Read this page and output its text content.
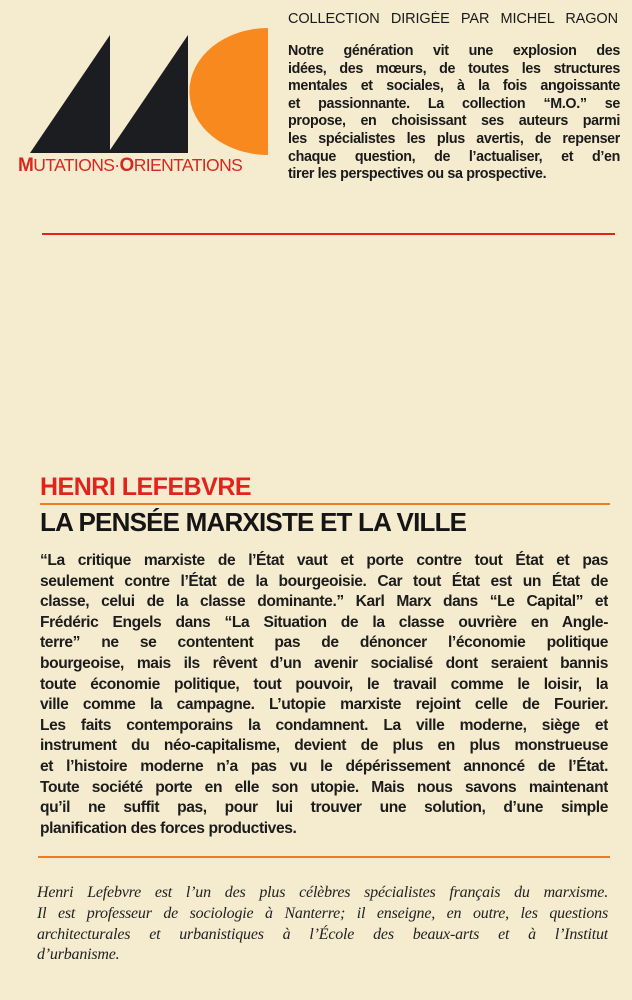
MUTATIONS·ORIENTATIONS
COLLECTION DIRIGÉE PAR MICHEL RAGON
Notre génération vit une explosion des
idées, des mœurs, de toutes les structures
mentales et sociales, à la fois angoissante
et passionnante. La collection “M.O.” se
propose, en choisissant ses auteurs parmi
les spécialistes les plus avertis, de repenser
chaque question, de l’actualiser, et d’en
tirer les perspectives ou sa prospective.
HENRI LEFEBVRE
LA PENSÉE MARXISTE ET LA VILLE
“La critique marxiste de l’État vaut et porte contre tout État et pas
seulement contre l’État de la bourgeoisie. Car tout État est un État de
classe, celui de la classe dominante.” Karl Marx dans “Le Capital” et
Frédéric Engels dans “La Situation de la classe ouvrière en Angle-
terre” ne se contentent pas de dénoncer l’économie politique
bourgeoise, mais ils rêvent d’un avenir socialisé dont seraient bannis
toute économie politique, tout pouvoir, le travail comme le loisir, la
ville comme la campagne. L’utopie marxiste rejoint celle de Fourier.
Les faits contemporains la condamnent. La ville moderne, siège et
instrument du néo-capitalisme, devient de plus en plus monstrueuse
et l’histoire moderne n’a pas vu le dépérissement annoncé de l’État.
Toute société porte en elle son utopie. Mais nous savons maintenant
qu’il ne suffit pas, pour lui trouver une solution, d’une simple
planification des forces productives.
Henri Lefebvre est l’un des plus célèbres spécialistes français du marxisme.
Il est professeur de sociologie à Nanterre; il enseigne, en outre, les questions
architecturales et urbanistiques à l’École des beaux-arts et à l’Institut
d’urbanisme.
